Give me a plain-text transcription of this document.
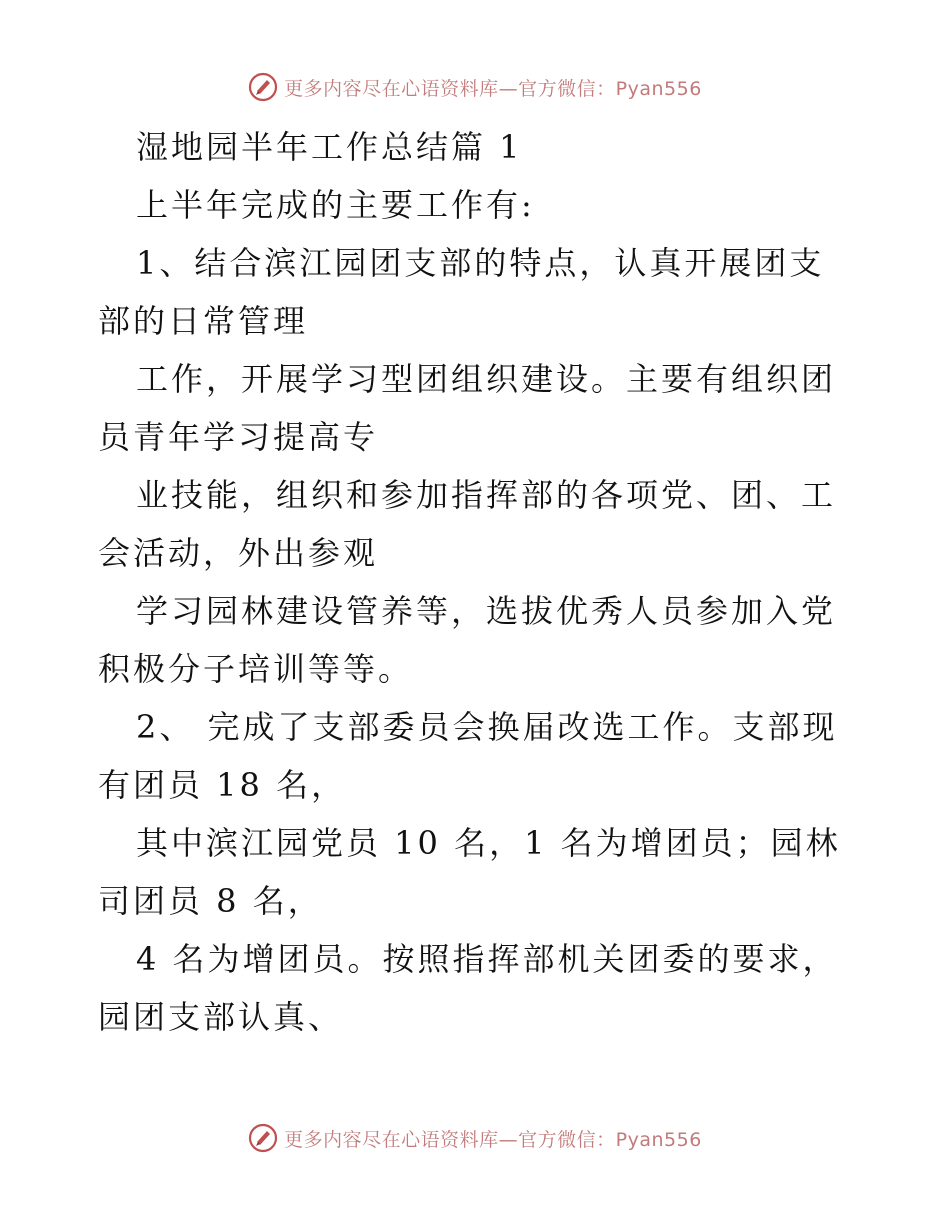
更多内容尽在心语资料库—官方微信：Pyan556

湿地园半年工作总结篇 1

上半年完成的主要工作有:

1、结合滨江园团支部的特点，认真开展团支部的日常管理

工作，开展学习型团组织建设。主要有组织团员青年学习提高专

业技能，组织和参加指挥部的各项党、团、工会活动，外出参观

学习园林建设管养等，选拔优秀人员参加入党积极分子培训等等。

2、 完成了支部委员会换届改选工作。支部现有团员 18 名，

其中滨江园党员 10 名，1 名为增团员；园林司团员 8 名，

4 名为增团员。按照指挥部机关团委的要求，园团支部认真、

更多内容尽在心语资料库—官方微信：Pyan556
